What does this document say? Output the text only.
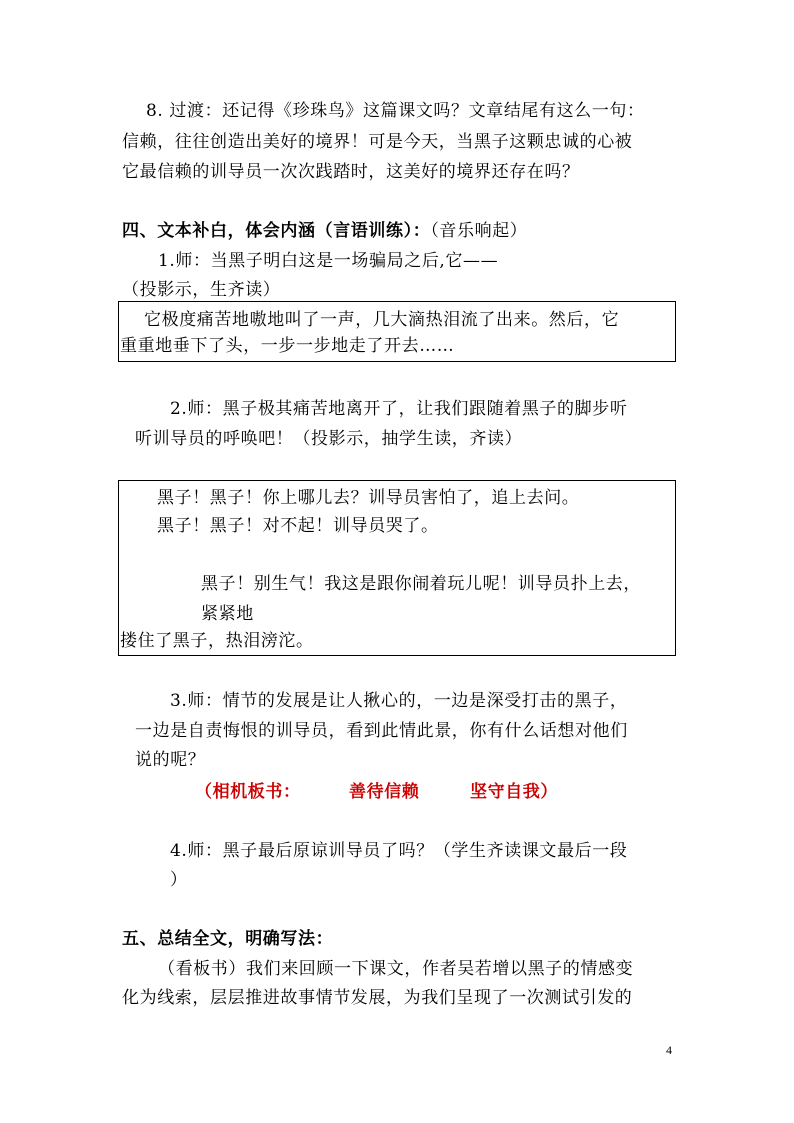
8. 过渡：还记得《珍珠鸟》这篇课文吗？文章结尾有这么一句：
信赖，往往创造出美好的境界！可是今天，当黑子这颗忠诚的心被
它最信赖的训导员一次次践踏时，这美好的境界还存在吗？
四、文本补白，体会内涵（言语训练）：（音乐响起）
1.师：当黑子明白这是一场骗局之后,它——
（投影示，生齐读）
它极度痛苦地嗷地叫了一声，几大滴热泪流了出来。然后，它
重重地垂下了头，一步一步地走了开去……
2.师：黑子极其痛苦地离开了，让我们跟随着黑子的脚步听
听训导员的呼唤吧！（投影示，抽学生读，齐读）
黑子！黑子！你上哪儿去？训导员害怕了，追上去问。
黑子！黑子！对不起！训导员哭了。
黑子！别生气！我这是跟你闹着玩儿呢！训导员扑上去，
紧紧地
搂住了黑子，热泪滂沱。
3.师：情节的发展是让人揪心的，一边是深受打击的黑子，
一边是自责悔恨的训导员，看到此情此景，你有什么话想对他们
说的呢？
（相机板书：	善待信赖	坚守自我）
4.师：黑子最后原谅训导员了吗？（学生齐读课文最后一段
）
五、总结全文，明确写法：
（看板书）我们来回顾一下课文，作者吴若增以黑子的情感变
化为线索，层层推进故事情节发展，为我们呈现了一次测试引发的
4
